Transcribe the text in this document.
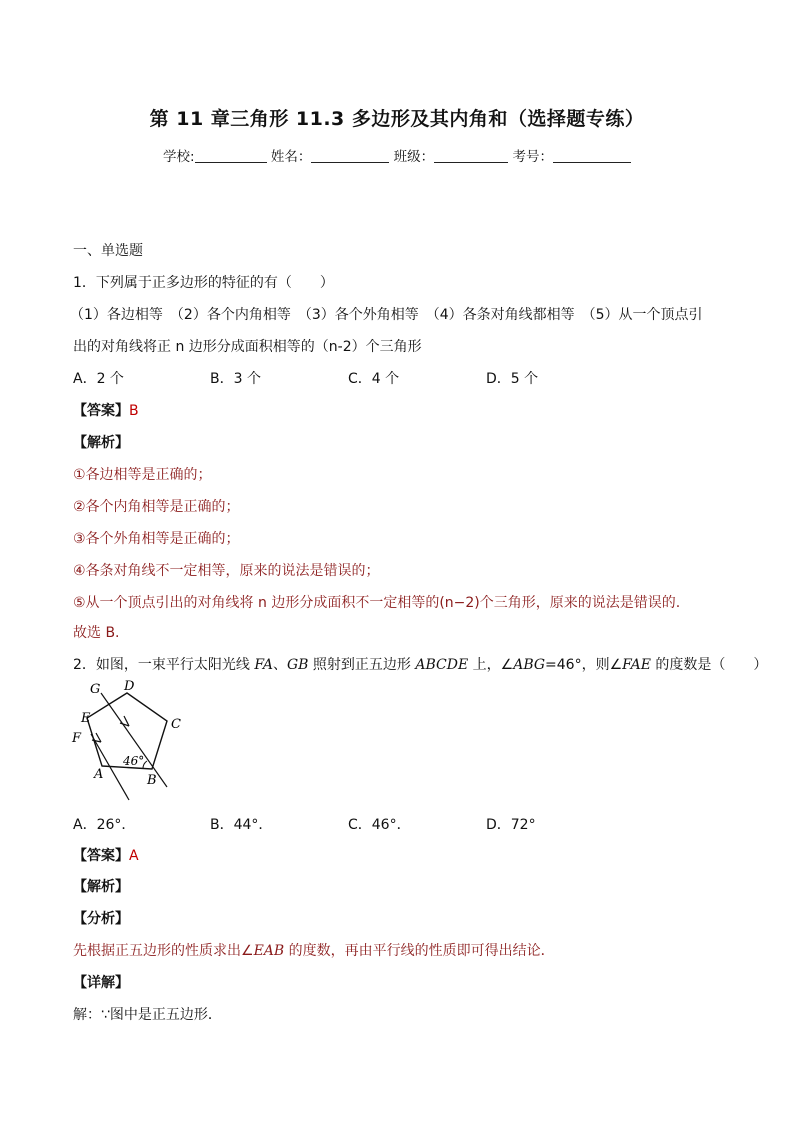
第 11 章三角形 11.3 多边形及其内角和（选择题专练）
学校:	姓名：	班级：	考号：
一、单选题
1．下列属于正多边形的特征的有（　　）
（1）各边相等　（2）各个内角相等　（3）各个外角相等　（4）各条对角线都相等　（5）从一个顶点引
出的对角线将正 n 边形分成面积相等的（n-2）个三角形
A．2 个	B．3 个	C．4 个	D．5 个
【答案】B
【解析】
①各边相等是正确的；
②各个内角相等是正确的；
③各个外角相等是正确的；
④各条对角线不一定相等，原来的说法是错误的；
⑤从一个顶点引出的对角线将 n 边形分成面积不一定相等的(n−2)个三角形，原来的说法是错误的.
故选 B.
2．如图，一束平行太阳光线 FA、GB 照射到正五边形 ABCDE 上，∠ABG=46°，则∠FAE 的度数是（　　）
46°
G D
E	C
F
A	B
A．26°．	B．44°．	C．46°．	D．72°
【答案】A
【解析】
【分析】
先根据正五边形的性质求出∠EAB 的度数，再由平行线的性质即可得出结论．
【详解】
解：∵图中是正五边形．
